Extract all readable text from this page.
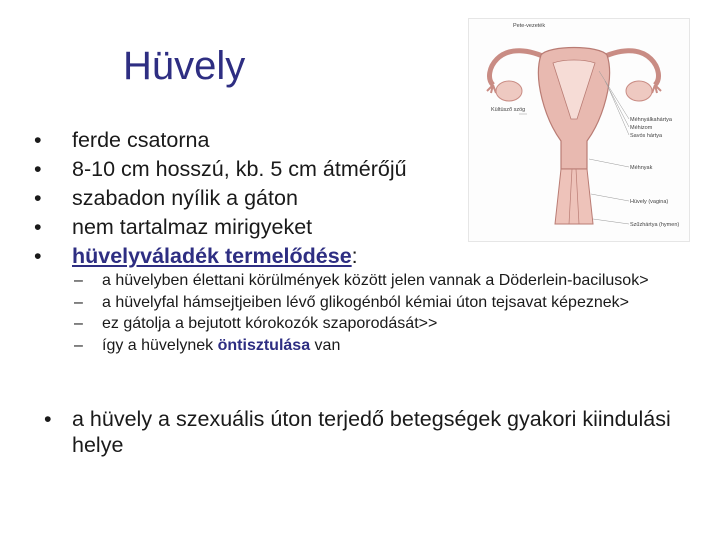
Hüvely
• ferde csatorna
• 8-10 cm hosszú, kb. 5 cm átmérőjű
• szabadon nyílik a gáton
• nem tartalmaz mirigyeket
• hüvelyváladék termelődése:
– a hüvelyben élettani körülmények között jelen vannak a Döderlein-bacilusok>
– a hüvelyfal hámsejtjeiben lévő glikogénból kémiai úton tejsavat képeznek>
– ez gátolja a bejutott kórokozók szaporodását>>
– így a hüvelynek öntisztulása van
• a hüvely a szexuális úton terjedő betegségek gyakori kiindulási helye
Pete-vezeték
Kültüsző szög
Méhnyálkahártya
Méhizom
Savós hártya
Méhnyak
Hüvely (vagina)
Szűzhártya (hymen)
